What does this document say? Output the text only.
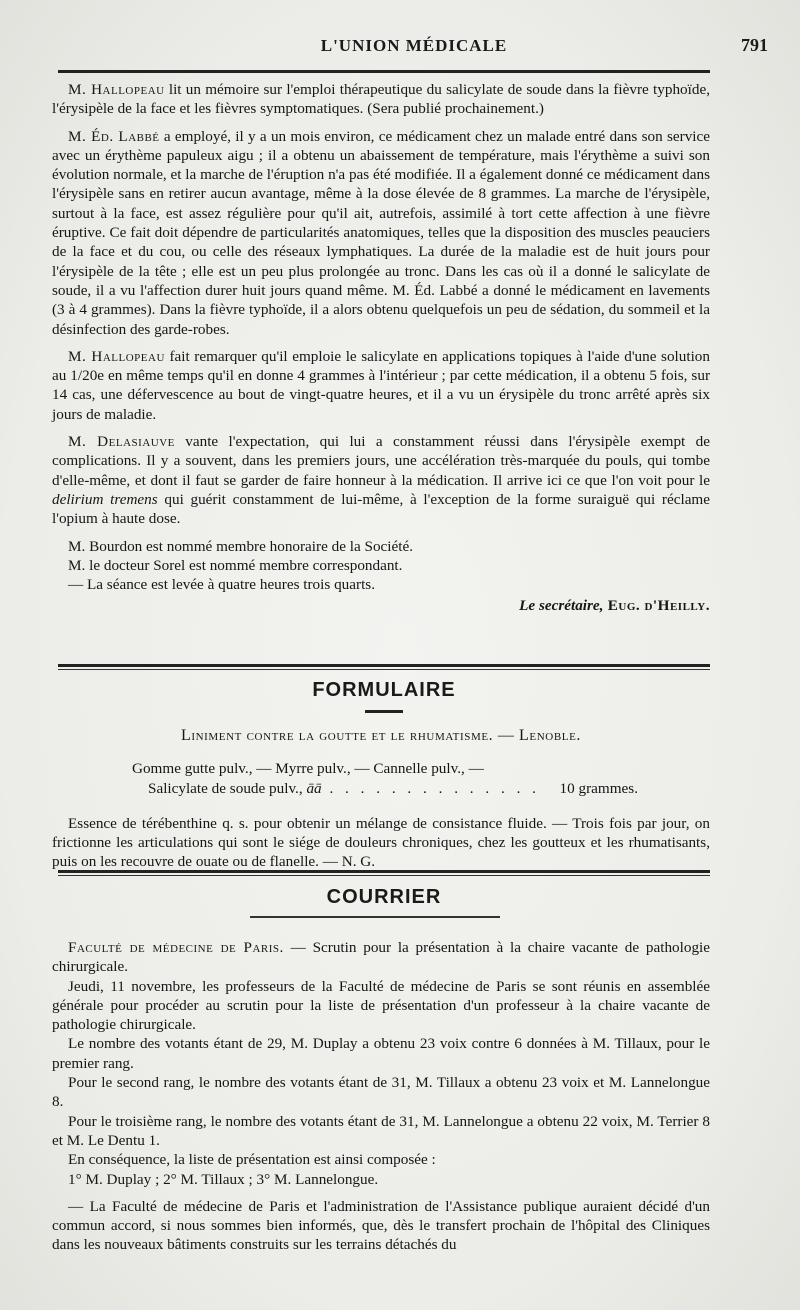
L'UNION MÉDICALE	791

M. Hallopeau lit un mémoire sur l'emploi thérapeutique du salicylate de soude dans la fièvre typhoïde, l'érysipèle de la face et les fièvres symptomatiques. (Sera publié prochainement.)

M. Éd. Labbé a employé, il y a un mois environ, ce médicament chez un malade entré dans son service avec un érythème papuleux aigu ; il a obtenu un abaissement de température, mais l'érythème a suivi son évolution normale, et la marche de l'éruption n'a pas été modifiée. Il a également donné ce médicament dans l'érysipèle sans en retirer aucun avantage, même à la dose élevée de 8 grammes. La marche de l'érysipèle, surtout à la face, est assez régulière pour qu'il ait, autrefois, assimilé à tort cette affection à une fièvre éruptive. Ce fait doit dépendre de particularités anatomiques, telles que la disposition des muscles peauciers de la face et du cou, ou celle des réseaux lymphatiques. La durée de la maladie est de huit jours pour l'érysipèle de la tête ; elle est un peu plus prolongée au tronc. Dans les cas où il a donné le salicylate de soude, il a vu l'affection durer huit jours quand même. M. Éd. Labbé a donné le médicament en lavements (3 à 4 grammes). Dans la fièvre typhoïde, il a alors obtenu quelquefois un peu de sédation, du sommeil et la désinfection des garde-robes.

M. Hallopeau fait remarquer qu'il emploie le salicylate en applications topiques à l'aide d'une solution au 1/20e en même temps qu'il en donne 4 grammes à l'intérieur ; par cette médication, il a obtenu 5 fois, sur 14 cas, une défervescence au bout de vingt-quatre heures, et il a vu un érysipèle du tronc arrêté après six jours de maladie.

M. Delasiauve vante l'expectation, qui lui a constamment réussi dans l'érysipèle exempt de complications. Il y a souvent, dans les premiers jours, une accélération très-marquée du pouls, qui tombe d'elle-même, et dont il faut se garder de faire honneur à la médication. Il arrive ici ce que l'on voit pour le delirium tremens qui guérit constamment de lui-même, à l'exception de la forme suraiguë qui réclame l'opium à haute dose.

M. Bourdon est nommé membre honoraire de la Société.

M. le docteur Sorel est nommé membre correspondant.

— La séance est levée à quatre heures trois quarts.

Le secrétaire, Eug. d'Heilly.
FORMULAIRE
Liniment contre la goutte et le rhumatisme. — Lenoble.
Gomme gutte pulv., — Myrre pulv., — Cannelle pulv., —
Salicylate de soude pulv., āā . . . . . . . . . . . . . . 10 grammes.

Essence de térébenthine q. s. pour obtenir un mélange de consistance fluide. — Trois fois par jour, on frictionne les articulations qui sont le siége de douleurs chroniques, chez les goutteux et les rhumatisants, puis on les recouvre de ouate ou de flanelle. — N. G.

COURRIER

Faculté de médecine de Paris. — Scrutin pour la présentation à la chaire vacante de pathologie chirurgicale.

Jeudi, 11 novembre, les professeurs de la Faculté de médecine de Paris se sont réunis en assemblée générale pour procéder au scrutin pour la liste de présentation d'un professeur à la chaire vacante de pathologie chirurgicale.

Le nombre des votants étant de 29, M. Duplay a obtenu 23 voix contre 6 données à M. Tillaux, pour le premier rang.

Pour le second rang, le nombre des votants étant de 31, M. Tillaux a obtenu 23 voix et M. Lannelongue 8.

Pour le troisième rang, le nombre des votants étant de 31, M. Lannelongue a obtenu 22 voix, M. Terrier 8 et M. Le Dentu 1.

En conséquence, la liste de présentation est ainsi composée :

1° M. Duplay ; 2° M. Tillaux ; 3° M. Lannelongue.

— La Faculté de médecine de Paris et l'administration de l'Assistance publique auraient décidé d'un commun accord, si nous sommes bien informés, que, dès le transfert prochain de l'hôpital des Cliniques dans les nouveaux bâtiments construits sur les terrains détachés du
